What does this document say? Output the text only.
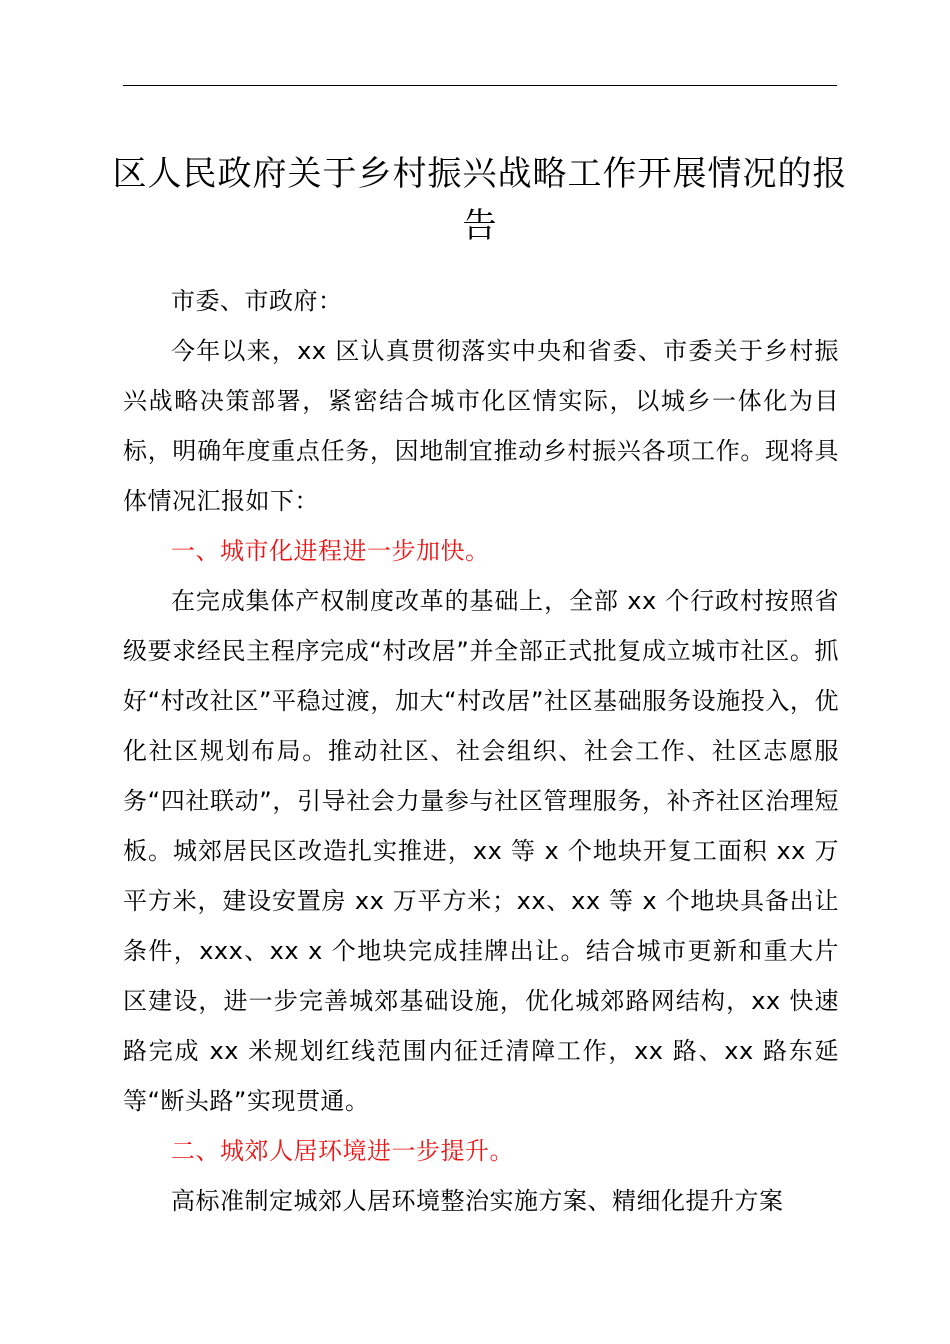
区人民政府关于乡村振兴战略工作开展情况的报告

市委、市政府：

今年以来，xx 区认真贯彻落实中央和省委、市委关于乡村振兴战略决策部署，紧密结合城市化区情实际，以城乡一体化为目标，明确年度重点任务，因地制宜推动乡村振兴各项工作。现将具体情况汇报如下：

一、城市化进程进一步加快。

在完成集体产权制度改革的基础上，全部 xx 个行政村按照省级要求经民主程序完成“村改居”并全部正式批复成立城市社区。抓好“村改社区”平稳过渡，加大“村改居”社区基础服务设施投入，优化社区规划布局。推动社区、社会组织、社会工作、社区志愿服务“四社联动”，引导社会力量参与社区管理服务，补齐社区治理短板。城郊居民区改造扎实推进，xx 等 x 个地块开复工面积 xx 万平方米，建设安置房 xx 万平方米；xx、xx 等 x 个地块具备出让条件，xxx、xx x 个地块完成挂牌出让。结合城市更新和重大片区建设，进一步完善城郊基础设施，优化城郊路网结构，xx 快速路完成 xx 米规划红线范围内征迁清障工作，xx 路、xx 路东延等“断头路”实现贯通。

二、城郊人居环境进一步提升。

高标准制定城郊人居环境整治实施方案、精细化提升方案
